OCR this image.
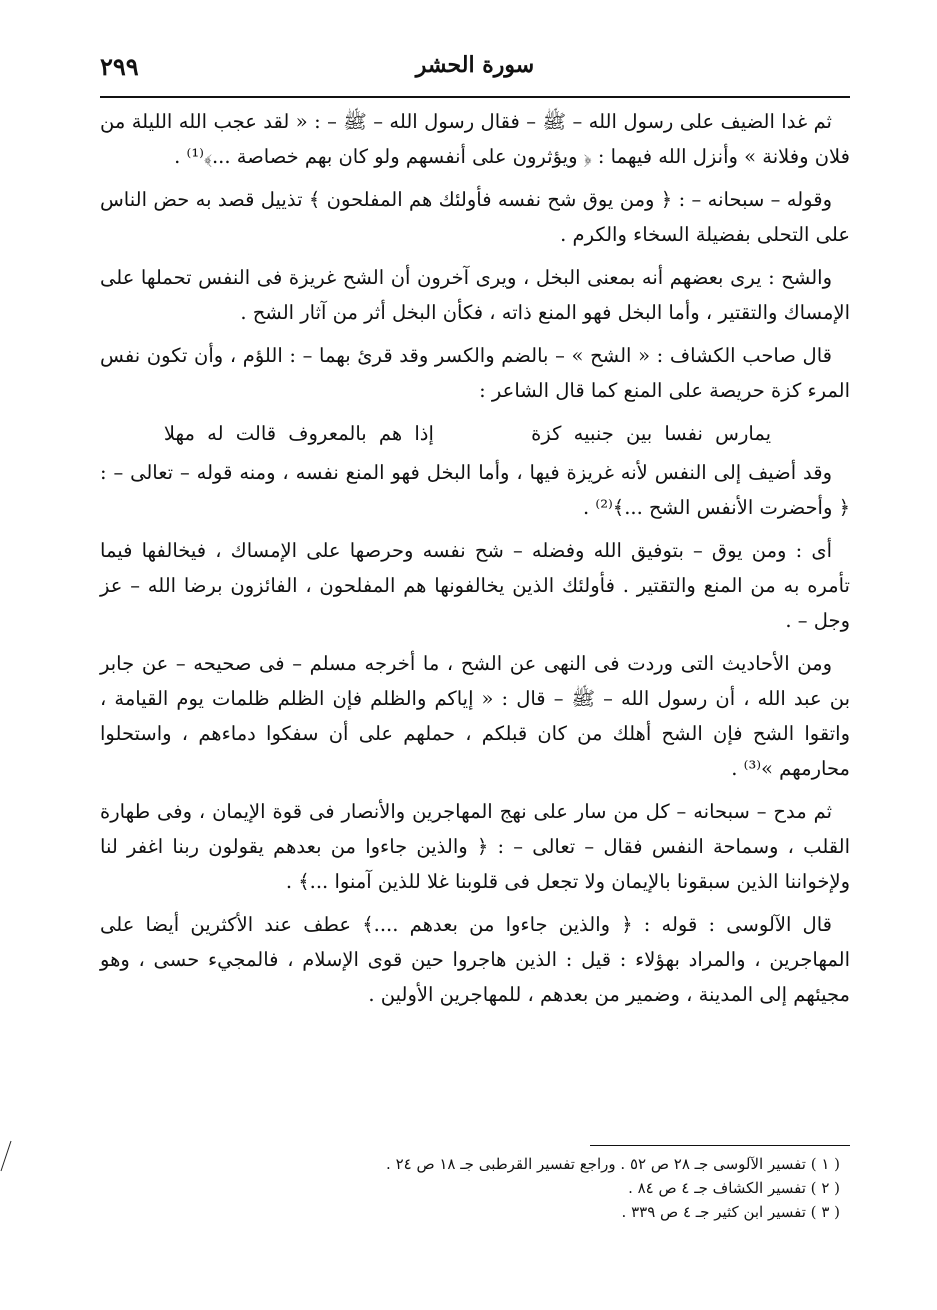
٢٩٩	سورة الحشر

ثم غدا الضيف على رسول الله – ﷺ – فقال رسول الله – ﷺ – : « لقد عجب الله الليلة من فلان وفلانة » وأنزل الله فيهما : ﴿ ويؤثرون على أنفسهم ولو كان بهم خصاصة ...﴾⁽¹⁾ .

وقوله – سبحانه – : ﴿ ومن يوق شح نفسه فأولئك هم المفلحون ﴾ تذييل قصد به حض الناس على التحلى بفضيلة السخاء والكرم .

والشح : يرى بعضهم أنه بمعنى البخل ، ويرى آخرون أن الشح غريزة فى النفس تحملها على الإمساك والتقتير ، وأما البخل فهو المنع ذاته ، فكأن البخل أثر من آثار الشح .

قال صاحب الكشاف : « الشح » – بالضم والكسر وقد قرئ بهما – : اللؤم ، وأن تكون نفس المرء كزة حريصة على المنع كما قال الشاعر :

يمارس نفسا بين جنبيه كزة إذا هم بالمعروف قالت له مهلا

وقد أضيف إلى النفس لأنه غريزة فيها ، وأما البخل فهو المنع نفسه ، ومنه قوله – تعالى – : ﴿ وأحضرت الأنفس الشح ...﴾⁽²⁾ .

أى : ومن يوق – بتوفيق الله وفضله – شح نفسه وحرصها على الإمساك ، فيخالفها فيما تأمره به من المنع والتقتير . فأولئك الذين يخالفونها هم المفلحون ، الفائزون برضا الله – عز وجل – .

ومن الأحاديث التى وردت فى النهى عن الشح ، ما أخرجه مسلم – فى صحيحه – عن جابر بن عبد الله ، أن رسول الله – ﷺ – قال : « إياكم والظلم فإن الظلم ظلمات يوم القيامة ، واتقوا الشح فإن الشح أهلك من كان قبلكم ، حملهم على أن سفكوا دماءهم ، واستحلوا محارمهم »⁽³⁾ .

ثم مدح – سبحانه – كل من سار على نهج المهاجرين والأنصار فى قوة الإيمان ، وفى طهارة القلب ، وسماحة النفس فقال – تعالى – : ﴿ والذين جاءوا من بعدهم يقولون ربنا اغفر لنا ولإخواننا الذين سبقونا بالإيمان ولا تجعل فى قلوبنا غلا للذين آمنوا ...﴾ .

قال الآلوسى : قوله : ﴿ والذين جاءوا من بعدهم ....﴾ عطف عند الأكثرين أيضا على المهاجرين ، والمراد بهؤلاء : قيل : الذين هاجروا حين قوى الإسلام ، فالمجيء حسى ، وهو مجيئهم إلى المدينة ، وضمير من بعدهم ، للمهاجرين الأولين .

( ١ ) تفسير الآلوسى جـ ٢٨ ص ٥٢ . وراجع تفسير القرطبى جـ ١٨ ص ٢٤ .
( ٢ ) تفسير الكشاف جـ ٤ ص ٨٤ .
( ٣ ) تفسير ابن كثير جـ ٤ ص ٣٣٩ .
